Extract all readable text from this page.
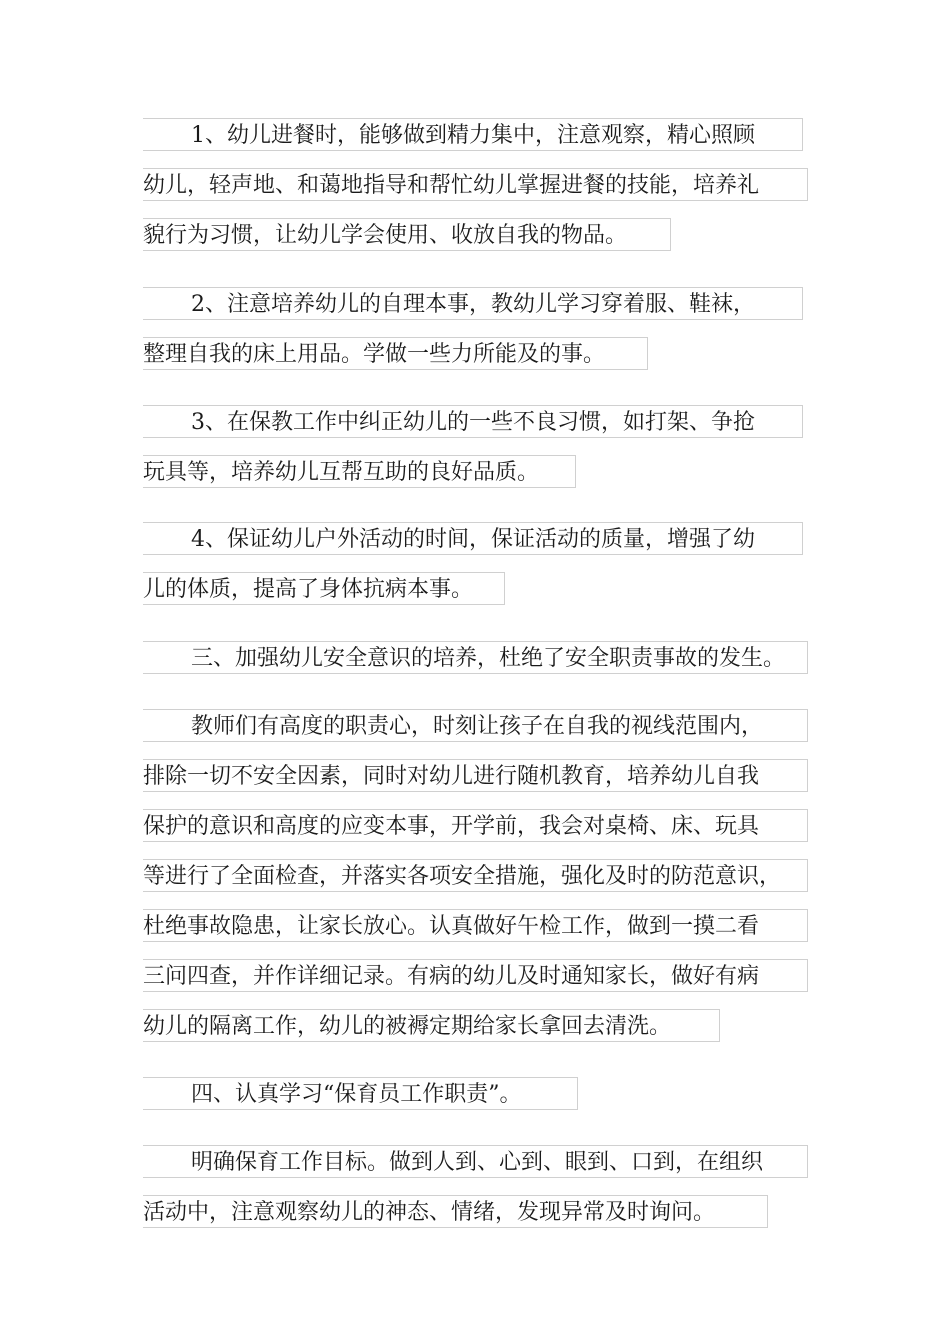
1、幼儿进餐时，能够做到精力集中，注意观察，精心照顾
幼儿，轻声地、和蔼地指导和帮忙幼儿掌握进餐的技能，培养礼
貌行为习惯，让幼儿学会使用、收放自我的物品。
2、注意培养幼儿的自理本事，教幼儿学习穿着服、鞋袜，
整理自我的床上用品。学做一些力所能及的事。
3、在保教工作中纠正幼儿的一些不良习惯，如打架、争抢
玩具等，培养幼儿互帮互助的良好品质。
4、保证幼儿户外活动的时间，保证活动的质量，增强了幼
儿的体质，提高了身体抗病本事。
三、加强幼儿安全意识的培养，杜绝了安全职责事故的发生。
教师们有高度的职责心，时刻让孩子在自我的视线范围内，
排除一切不安全因素，同时对幼儿进行随机教育，培养幼儿自我
保护的意识和高度的应变本事，开学前，我会对桌椅、床、玩具
等进行了全面检查，并落实各项安全措施，强化及时的防范意识，
杜绝事故隐患，让家长放心。认真做好午检工作，做到一摸二看
三问四查，并作详细记录。有病的幼儿及时通知家长，做好有病
幼儿的隔离工作，幼儿的被褥定期给家长拿回去清洗。
四、认真学习“保育员工作职责”。
明确保育工作目标。做到人到、心到、眼到、口到，在组织
活动中，注意观察幼儿的神态、情绪，发现异常及时询问。
